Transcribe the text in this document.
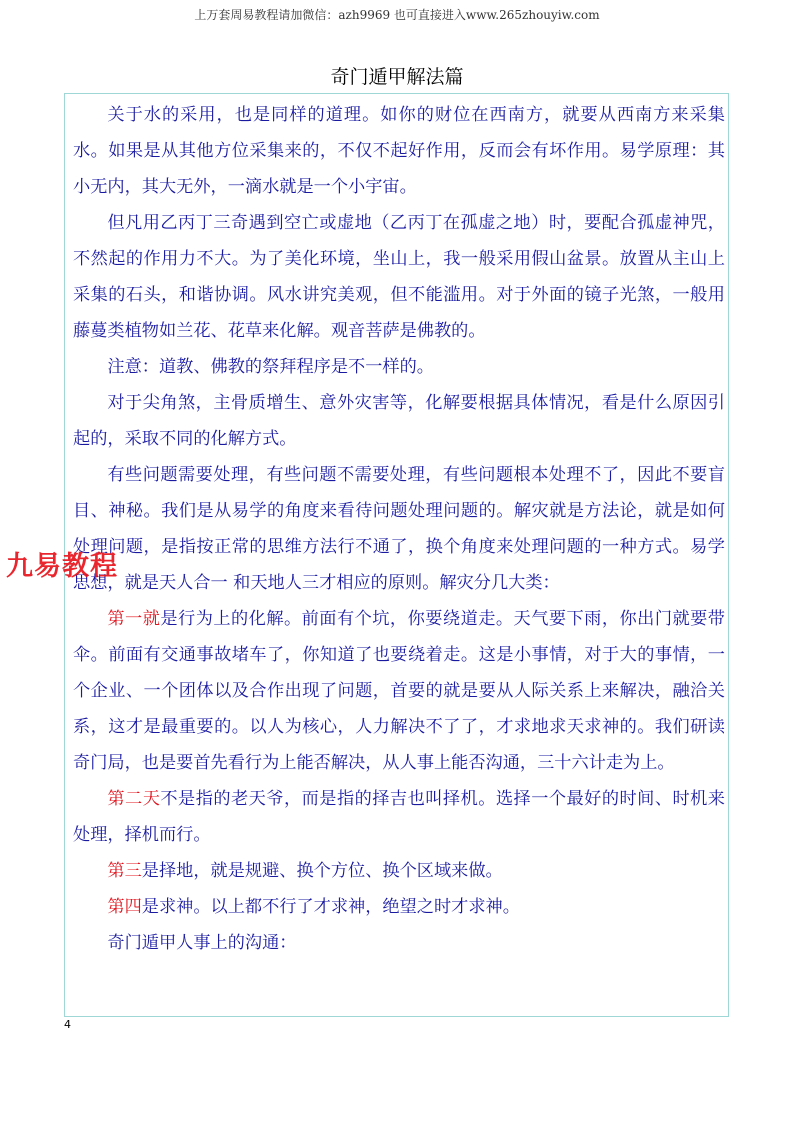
上万套周易教程请加微信：azh9969 也可直接进入www.265zhouyiw.com
奇门遁甲解法篇

关于水的采用，也是同样的道理。如你的财位在西南方，就要从西南方来采集水。如果是从其他方位采集来的，不仅不起好作用，反而会有坏作用。易学原理：其小无内，其大无外，一滴水就是一个小宇宙。

但凡用乙丙丁三奇遇到空亡或虚地（乙丙丁在孤虚之地）时，要配合孤虚神咒，不然起的作用力不大。为了美化环境，坐山上，我一般采用假山盆景。放置从主山上采集的石头，和谐协调。风水讲究美观，但不能滥用。对于外面的镜子光煞，一般用藤蔓类植物如兰花、花草来化解。观音菩萨是佛教的。

注意：道教、佛教的祭拜程序是不一样的。

对于尖角煞，主骨质增生、意外灾害等，化解要根据具体情况，看是什么原因引起的，采取不同的化解方式。

有些问题需要处理，有些问题不需要处理，有些问题根本处理不了，因此不要盲目、神秘。我们是从易学的角度来看待问题处理问题的。解灾就是方法论，就是如何处理问题，是指按正常的思维方法行不通了，换个角度来处理问题的一种方式。易学思想，就是天人合一 和天地人三才相应的原则。解灾分几大类：

第一就是行为上的化解。前面有个坑，你要绕道走。天气要下雨，你出门就要带伞。前面有交通事故堵车了，你知道了也要绕着走。这是小事情，对于大的事情，一个企业、一个团体以及合作出现了问题，首要的就是要从人际关系上来解决，融洽关系，这才是最重要的。以人为核心，人力解决不了了，才求地求天求神的。我们研读奇门局，也是要首先看行为上能否解决，从人事上能否沟通，三十六计走为上。

第二天不是指的老天爷，而是指的择吉也叫择机。选择一个最好的时间、时机来处理，择机而行。

第三是择地，就是规避、换个方位、换个区域来做。

第四是求神。以上都不行了才求神，绝望之时才求神。

奇门遁甲人事上的沟通：

九易教程
4
